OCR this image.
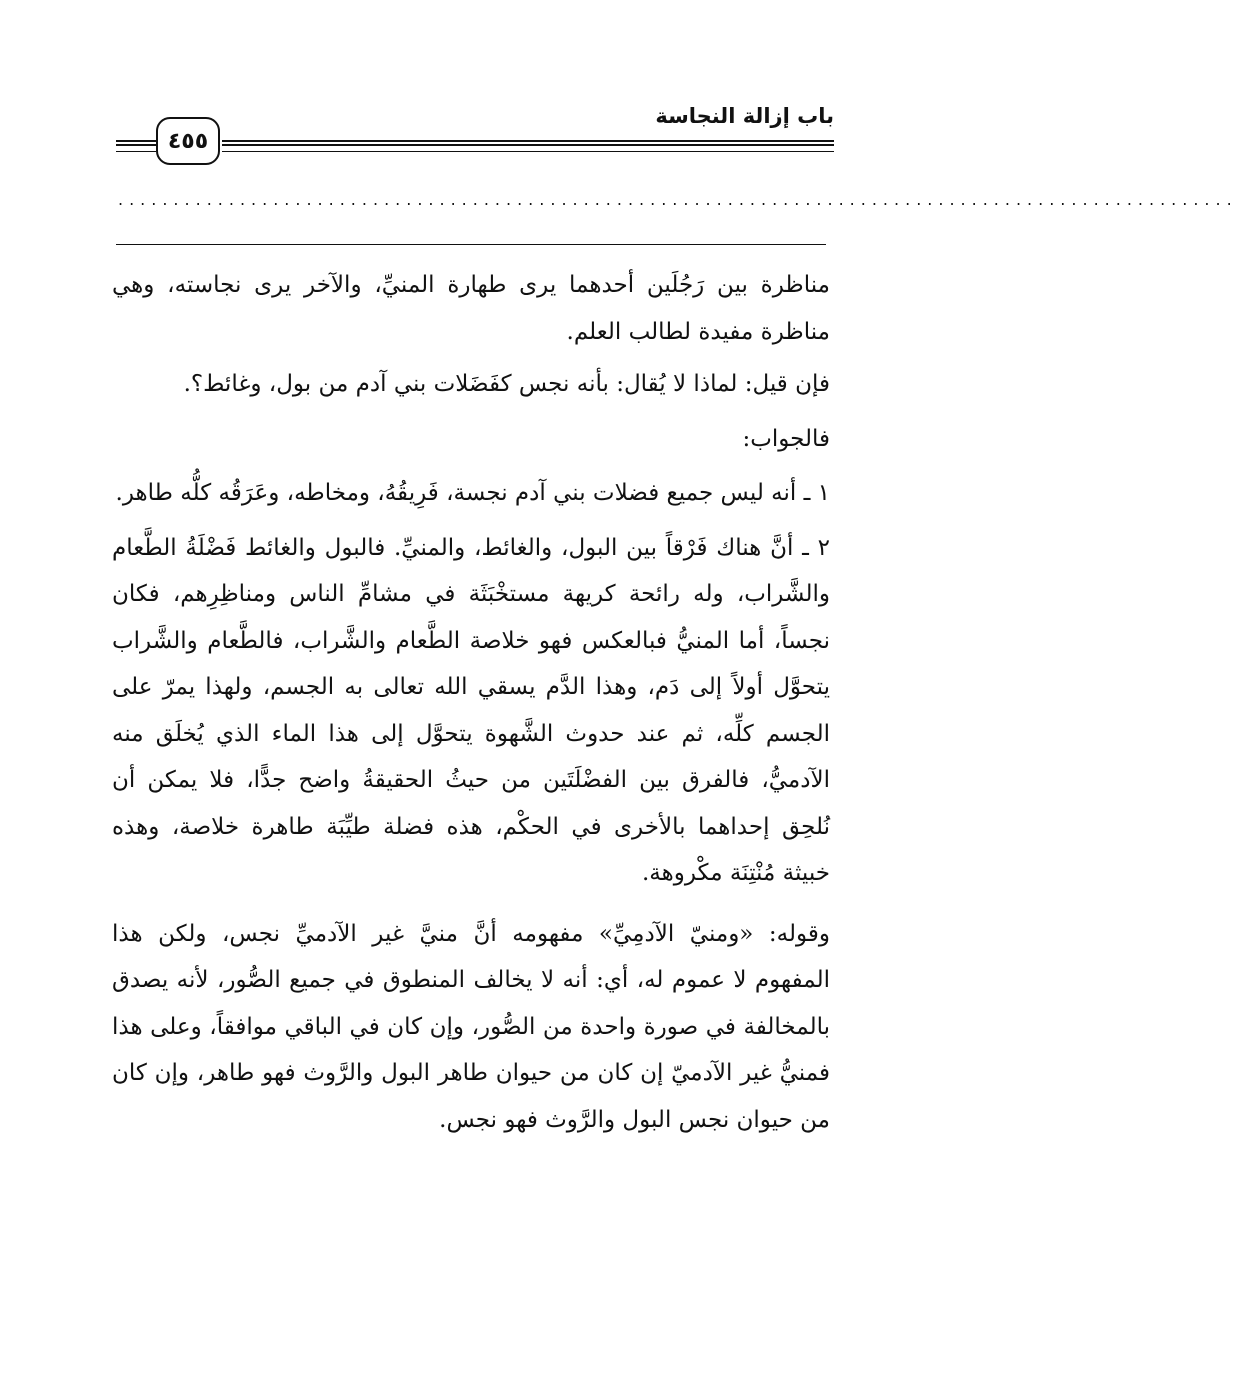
باب إزالة النجاسة
٤٥٥
.....................................................................................................

مناظرة بين رَجُلَين أحدهما يرى طهارة المنيِّ، والآخر يرى نجاسته، وهي مناظرة مفيدة لطالب العلم.

فإن قيل: لماذا لا يُقال: بأنه نجس كفَضَلات بني آدم من بول، وغائط؟.

فالجواب:

١ ـ أنه ليس جميع فضلات بني آدم نجسة، فَرِيقُهُ، ومخاطه، وعَرَقُه كلُّه طاهر.

٢ ـ أنَّ هناك فَرْقاً بين البول، والغائط، والمنيِّ. فالبول والغائط فَضْلَةُ الطَّعام والشَّراب، وله رائحة كريهة مستخْبَثَة في مشامِّ الناس ومناظِرِهم، فكان نجساً، أما المنيُّ فبالعكس فهو خلاصة الطَّعام والشَّراب، فالطَّعام والشَّراب يتحوَّل أولاً إلى دَم، وهذا الدَّم يسقي الله تعالى به الجسم، ولهذا يمرّ على الجسم كلِّه، ثم عند حدوث الشَّهوة يتحوَّل إلى هذا الماء الذي يُخلَق منه الآدميُّ، فالفرق بين الفضْلَتَين من حيثُ الحقيقةُ واضح جدًّا، فلا يمكن أن نُلحِق إحداهما بالأخرى في الحكْم، هذه فضلة طيِّبَة طاهرة خلاصة، وهذه خبيثة مُنْتِنَة مكْروهة.

وقوله: «ومنيّ الآدمِيِّ» مفهومه أنَّ منيَّ غير الآدميِّ نجس، ولكن هذا المفهوم لا عموم له، أي: أنه لا يخالف المنطوق في جميع الصُّور، لأنه يصدق بالمخالفة في صورة واحدة من الصُّور، وإن كان في الباقي موافقاً، وعلى هذا فمنيُّ غير الآدميّ إن كان من حيوان طاهر البول والرَّوث فهو طاهر، وإن كان من حيوان نجس البول والرَّوث فهو نجس.
